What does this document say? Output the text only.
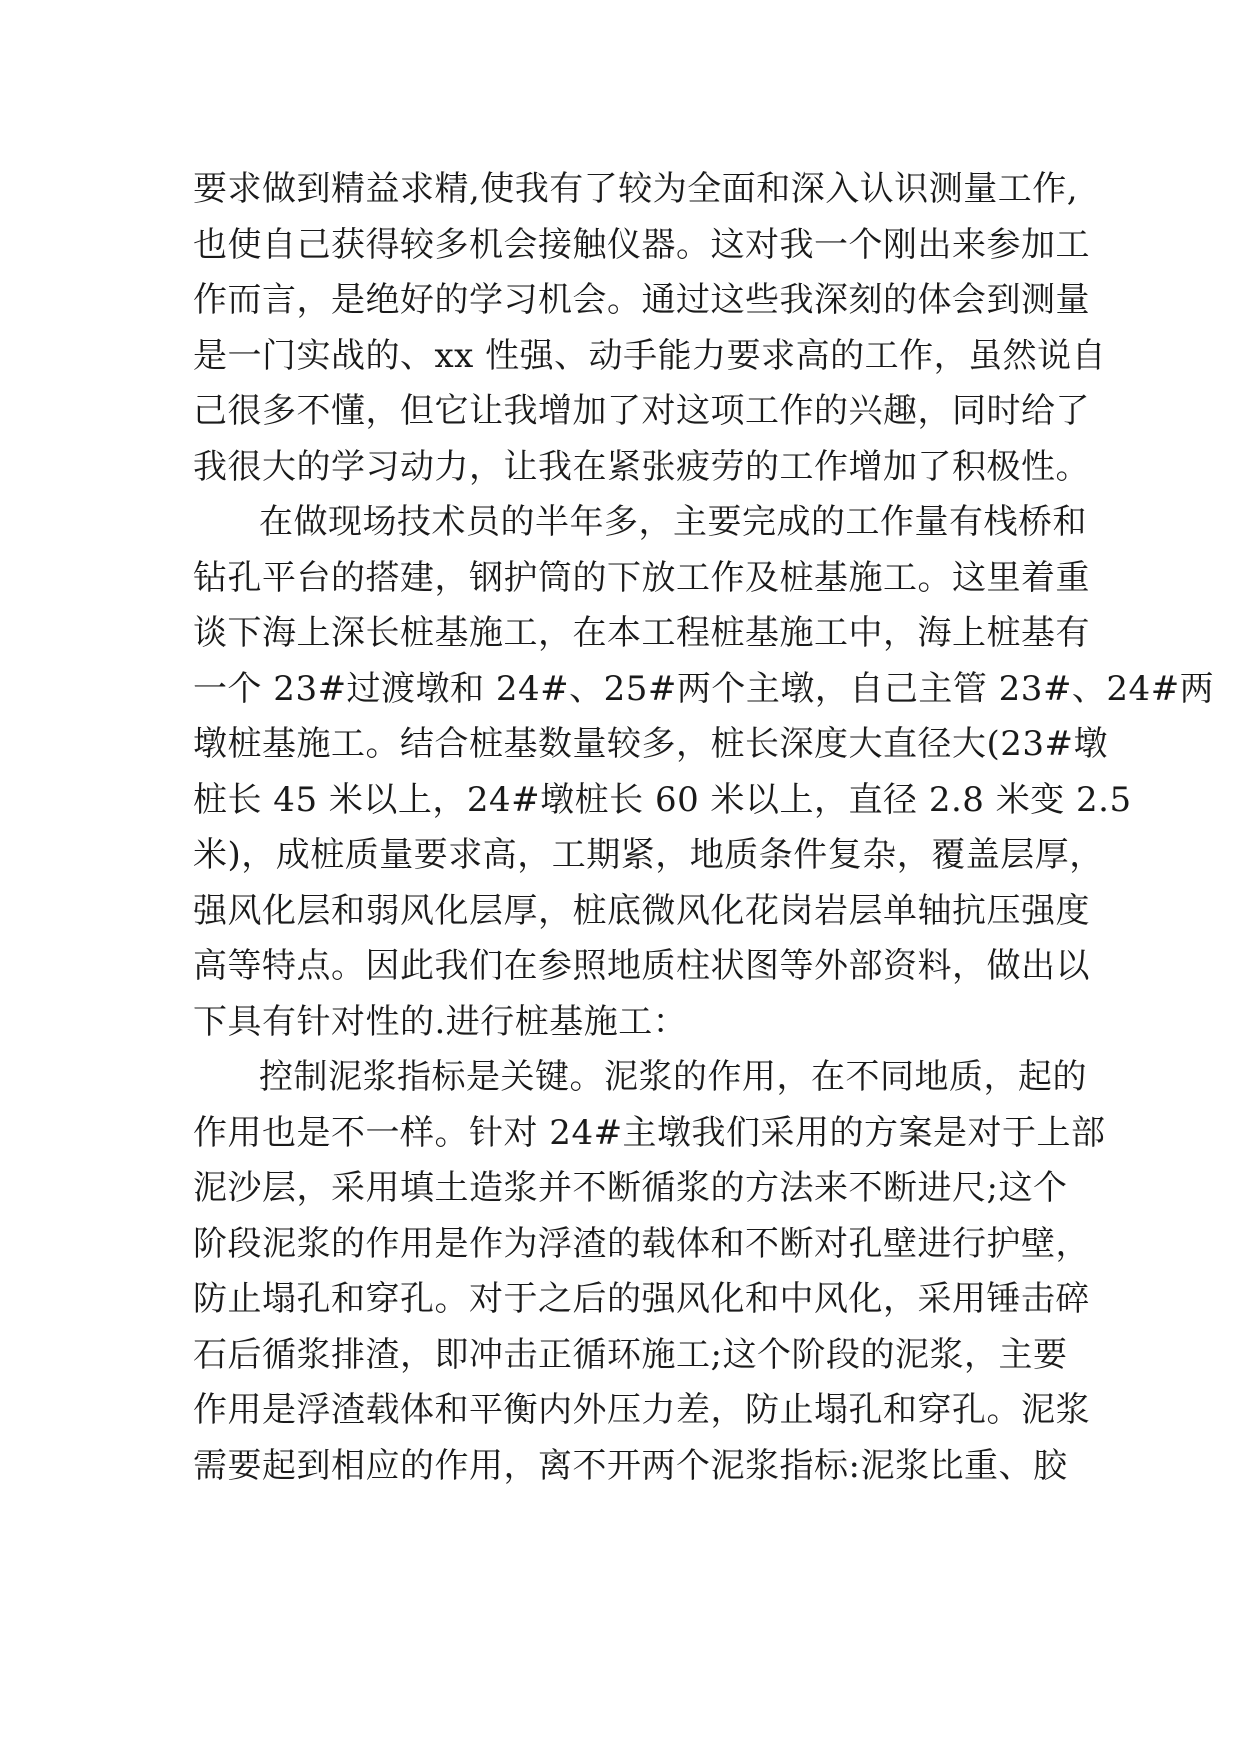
要求做到精益求精,使我有了较为全面和深入认识测量工作,
也使自己获得较多机会接触仪器。这对我一个刚出来参加工
作而言，是绝好的学习机会。通过这些我深刻的体会到测量
是一门实战的、xx 性强、动手能力要求高的工作，虽然说自
己很多不懂，但它让我增加了对这项工作的兴趣，同时给了
我很大的学习动力，让我在紧张疲劳的工作增加了积极性。
在做现场技术员的半年多，主要完成的工作量有栈桥和
钻孔平台的搭建，钢护筒的下放工作及桩基施工。这里着重
谈下海上深长桩基施工，在本工程桩基施工中，海上桩基有
一个 23#过渡墩和 24#、25#两个主墩，自己主管 23#、24#两
墩桩基施工。结合桩基数量较多，桩长深度大直径大(23#墩
桩长 45 米以上，24#墩桩长 60 米以上，直径 2.8 米变 2.5
米)，成桩质量要求高，工期紧，地质条件复杂，覆盖层厚，
强风化层和弱风化层厚，桩底微风化花岗岩层单轴抗压强度
高等特点。因此我们在参照地质柱状图等外部资料，做出以
下具有针对性的.进行桩基施工：
控制泥浆指标是关键。泥浆的作用，在不同地质，起的
作用也是不一样。针对 24#主墩我们采用的方案是对于上部
泥沙层，采用填土造浆并不断循浆的方法来不断进尺;这个
阶段泥浆的作用是作为浮渣的载体和不断对孔壁进行护壁，
防止塌孔和穿孔。对于之后的强风化和中风化，采用锤击碎
石后循浆排渣，即冲击正循环施工;这个阶段的泥浆，主要
作用是浮渣载体和平衡内外压力差，防止塌孔和穿孔。泥浆
需要起到相应的作用，离不开两个泥浆指标:泥浆比重、胶
